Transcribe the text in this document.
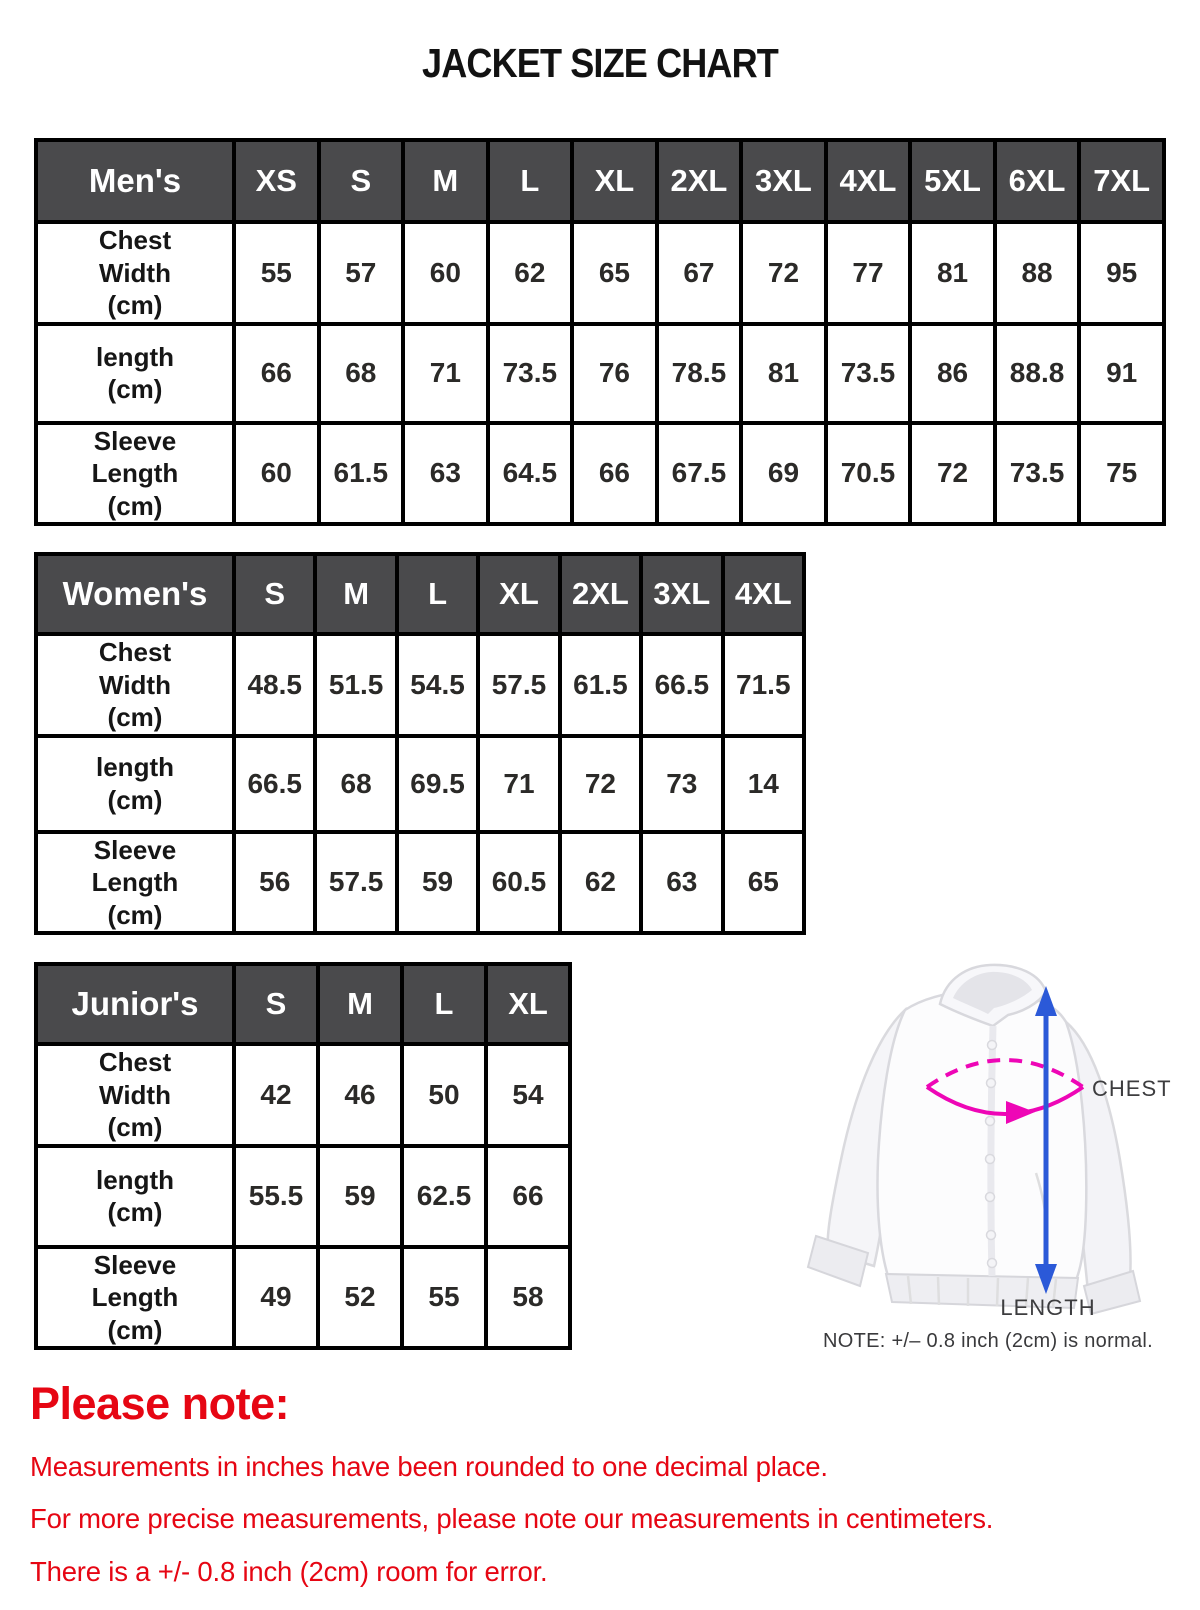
JACKET SIZE CHART
Men's	XS	S	M	L	XL	2XL	3XL	4XL	5XL	6XL	7XL
Chest Width (cm)	55	57	60	62	65	67	72	77	81	88	95
length (cm)	66	68	71	73.5	76	78.5	81	73.5	86	88.8	91
Sleeve Length (cm)	60	61.5	63	64.5	66	67.5	69	70.5	72	73.5	75
Women's	S	M	L	XL	2XL	3XL	4XL
Chest Width (cm)	48.5	51.5	54.5	57.5	61.5	66.5	71.5
length (cm)	66.5	68	69.5	71	72	73	14
Sleeve Length (cm)	56	57.5	59	60.5	62	63	65
Junior's	S	M	L	XL
Chest Width (cm)	42	46	50	54
length (cm)	55.5	59	62.5	66
Sleeve Length (cm)	49	52	55	58
CHEST
LENGTH
NOTE: +/– 0.8 inch (2cm) is normal.
Please note:

Measurements in inches have been rounded to one decimal place.

For more precise measurements, please note our measurements in centimeters.

There is a +/- 0.8 inch (2cm) room for error.
